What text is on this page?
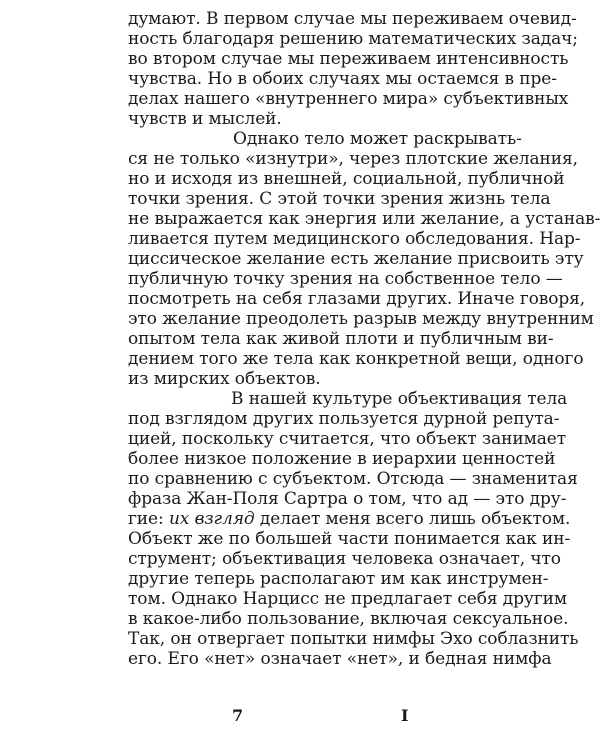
думают. В первом случае мы переживаем очевид-
ность благодаря решению математических задач;
во втором случае мы переживаем интенсивность
чувства. Но в обоих случаях мы остаемся в пре-
делах нашего «внутреннего мира» субъективных
чувств и мыслей.
Однако тело может раскрывать-
ся не только «изнутри», через плотские желания,
но и исходя из внешней, социальной, публичной
точки зрения. С этой точки зрения жизнь тела
не выражается как энергия или желание, а устанав-
ливается путем медицинского обследования. Нар-
циссическое желание есть желание присвоить эту
публичную точку зрения на собственное тело —
посмотреть на себя глазами других. Иначе говоря,
это желание преодолеть разрыв между внутренним
опытом тела как живой плоти и публичным ви-
дением того же тела как конкретной вещи, одного
из мирских объектов.
В нашей культуре объективация тела
под взглядом других пользуется дурной репута-
цией, поскольку считается, что объект занимает
более низкое положение в иерархии ценностей
по сравнению с субъектом. Отсюда — знаменитая
фраза Жан-Поля Сартра о том, что ад — это дру-
гие: их взгляд делает меня всего лишь объектом.
Объект же по большей части понимается как ин-
струмент; объективация человека означает, что
другие теперь располагают им как инструмен-
том. Однако Нарцисс не предлагает себя другим
в какое-либо пользование, включая сексуальное.
Так, он отвергает попытки нимфы Эхо соблазнить
его. Его «нет» означает «нет», и бедная нимфа
7	I
